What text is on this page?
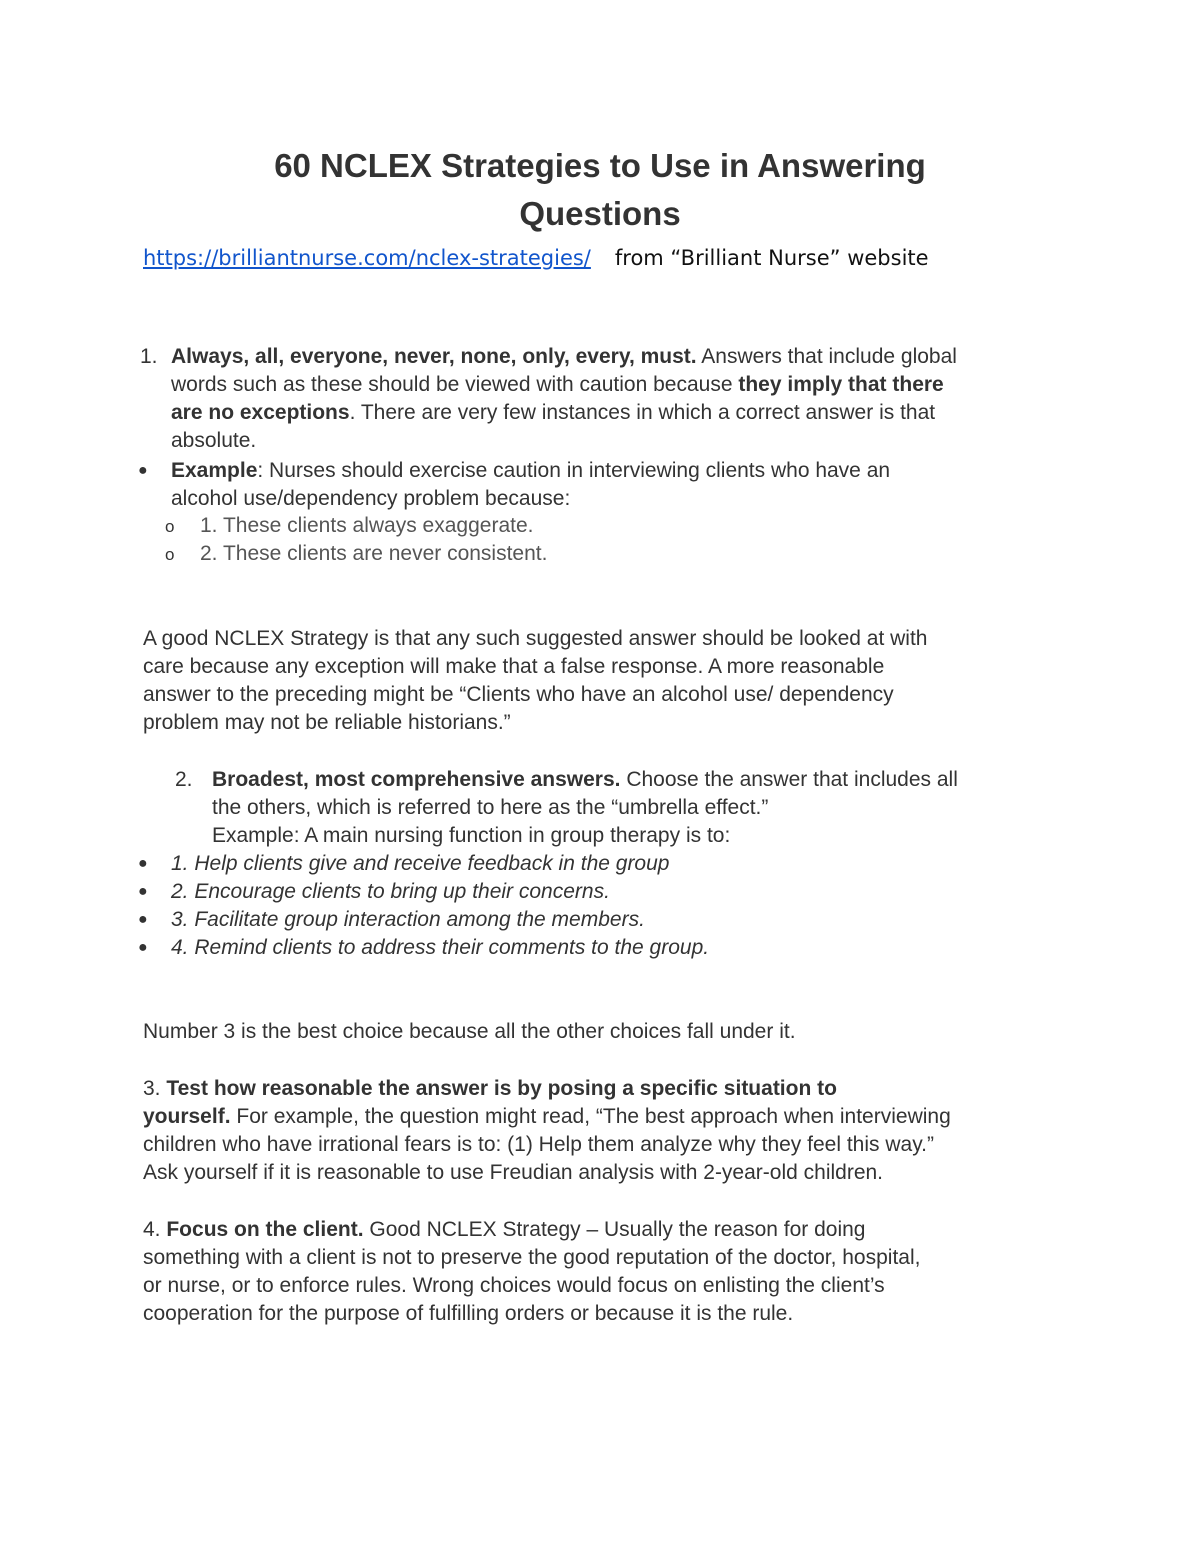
60 NCLEX Strategies to Use in Answering
Questions
https://brilliantnurse.com/nclex-strategies/ from “Brilliant Nurse” website
1. Always, all, everyone, never, none, only, every, must. Answers that include global
words such as these should be viewed with caution because they imply that there
are no exceptions. There are very few instances in which a correct answer is that
absolute.
● Example: Nurses should exercise caution in interviewing clients who have an
alcohol use/dependency problem because:
o 1. These clients always exaggerate.
o 2. These clients are never consistent.
A good NCLEX Strategy is that any such suggested answer should be looked at with
care because any exception will make that a false response. A more reasonable
answer to the preceding might be “Clients who have an alcohol use/ dependency
problem may not be reliable historians.”
2. Broadest, most comprehensive answers. Choose the answer that includes all
the others, which is referred to here as the “umbrella effect.”
Example: A main nursing function in group therapy is to:
● 1. Help clients give and receive feedback in the group
● 2. Encourage clients to bring up their concerns.
● 3. Facilitate group interaction among the members.
● 4. Remind clients to address their comments to the group.
Number 3 is the best choice because all the other choices fall under it.
3. Test how reasonable the answer is by posing a specific situation to
yourself. For example, the question might read, “The best approach when interviewing
children who have irrational fears is to: (1) Help them analyze why they feel this way.”
Ask yourself if it is reasonable to use Freudian analysis with 2-year-old children.
4. Focus on the client. Good NCLEX Strategy – Usually the reason for doing
something with a client is not to preserve the good reputation of the doctor, hospital,
or nurse, or to enforce rules. Wrong choices would focus on enlisting the client’s
cooperation for the purpose of fulfilling orders or because it is the rule.
